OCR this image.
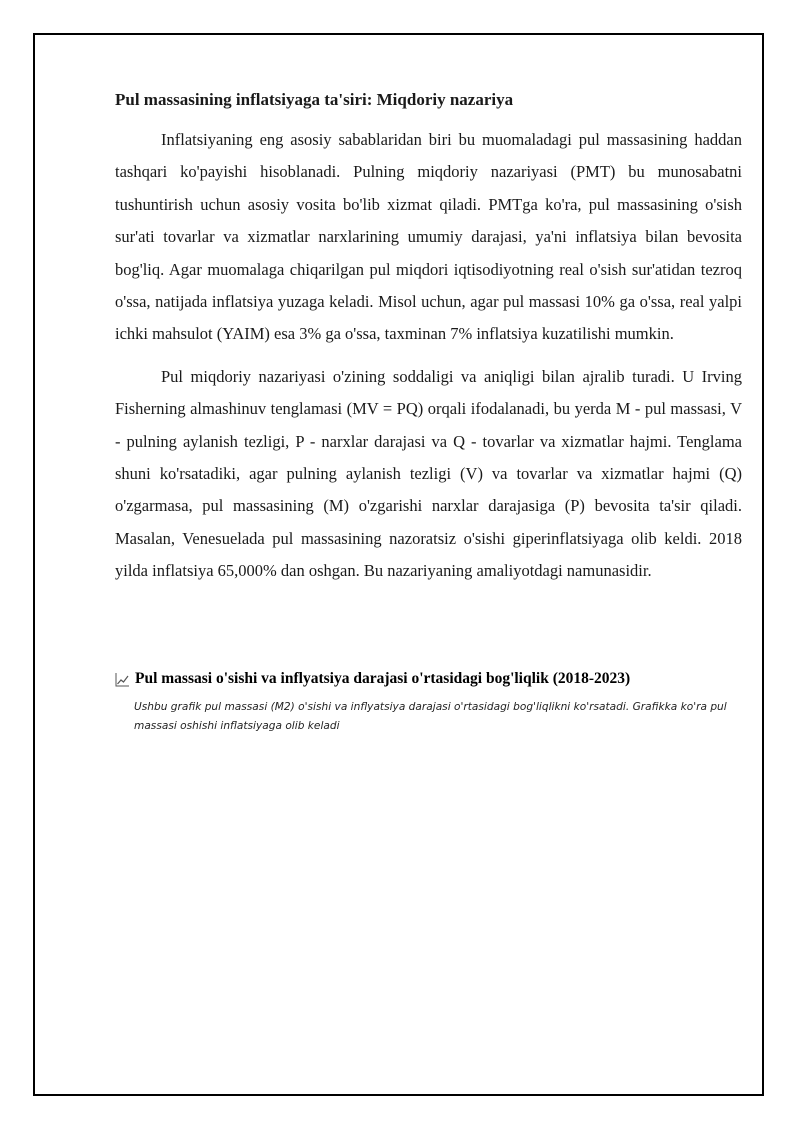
Pul massasining inflatsiyaga ta'siri: Miqdoriy nazariya

Inflatsiyaning eng asosiy sabablaridan biri bu muomaladagi pul massasining haddan tashqari ko'payishi hisoblanadi. Pulning miqdoriy nazariyasi (PMT) bu munosabatni tushuntirish uchun asosiy vosita bo'lib xizmat qiladi. PMTga ko'ra, pul massasining o'sish sur'ati tovarlar va xizmatlar narxlarining umumiy darajasi, ya'ni inflatsiya bilan bevosita bog'liq. Agar muomalaga chiqarilgan pul miqdori iqtisodiyotning real o'sish sur'atidan tezroq o'ssa, natijada inflatsiya yuzaga keladi. Misol uchun, agar pul massasi 10% ga o'ssa, real yalpi ichki mahsulot (YAIM) esa 3% ga o'ssa, taxminan 7% inflatsiya kuzatilishi mumkin.

Pul miqdoriy nazariyasi o'zining soddaligi va aniqligi bilan ajralib turadi. U Irving Fisherning almashinuv tenglamasi (MV = PQ) orqali ifodalanadi, bu yerda M - pul massasi, V - pulning aylanish tezligi, P - narxlar darajasi va Q - tovarlar va xizmatlar hajmi. Tenglama shuni ko'rsatadiki, agar pulning aylanish tezligi (V) va tovarlar va xizmatlar hajmi (Q) o'zgarmasa, pul massasining (M) o'zgarishi narxlar darajasiga (P) bevosita ta'sir qiladi. Masalan, Venesuelada pul massasining nazoratsiz o'sishi giperinflatsiyaga olib keldi. 2018 yilda inflatsiya 65,000% dan oshgan. Bu nazariyaning amaliyotdagi namunasidir.

Pul massasi o'sishi va inflyatsiya darajasi o'rtasidagi bog'liqlik (2018-2023)
Ushbu grafik pul massasi (M2) o'sishi va inflyatsiya darajasi o'rtasidagi bog'liqlikni ko'rsatadi. Grafikka ko'ra pul massasi oshishi inflatsiyaga olib keladi
